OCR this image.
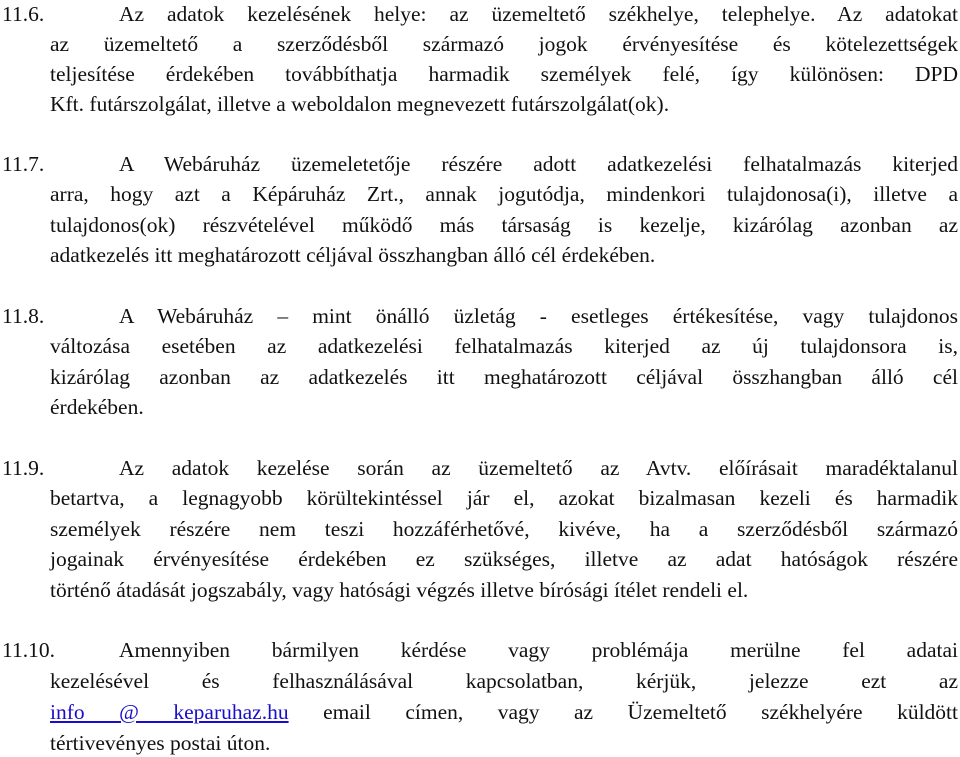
11.6.	Az adatok kezelésének helye: az üzemeltető székhelye, telephelye. Az adatokat
az üzemeltető a szerződésből származó jogok érvényesítése és kötelezettségek
teljesítése érdekében továbbíthatja harmadik személyek felé, így különösen: DPD
Kft. futárszolgálat, illetve a weboldalon megnevezett futárszolgálat(ok).
11.7.	A Webáruház üzemeletetője részére adott adatkezelési felhatalmazás kiterjed
arra, hogy azt a Képáruház Zrt., annak jogutódja, mindenkori tulajdonosa(i), illetve a
tulajdonos(ok) részvételével működő más társaság is kezelje, kizárólag azonban az
adatkezelés itt meghatározott céljával összhangban álló cél érdekében.
11.8.	A Webáruház – mint önálló üzletág - esetleges értékesítése, vagy tulajdonos
változása esetében az adatkezelési felhatalmazás kiterjed az új tulajdonsora is,
kizárólag azonban az adatkezelés itt meghatározott céljával összhangban álló cél
érdekében.
11.9.	Az adatok kezelése során az üzemeltető az Avtv. előírásait maradéktalanul
betartva, a legnagyobb körültekintéssel jár el, azokat bizalmasan kezeli és harmadik
személyek részére nem teszi hozzáférhetővé, kivéve, ha a szerződésből származó
jogainak érvényesítése érdekében ez szükséges, illetve az adat hatóságok részére
történő átadását jogszabály, vagy hatósági végzés illetve bírósági ítélet rendeli el.
11.10.	Amennyiben bármilyen kérdése vagy problémája merülne fel adatai
kezelésével és felhasználásával kapcsolatban, kérjük, jelezze ezt az
info @ keparuhaz.hu email címen, vagy az Üzemeltető székhelyére küldött
tértivevényes postai úton.
